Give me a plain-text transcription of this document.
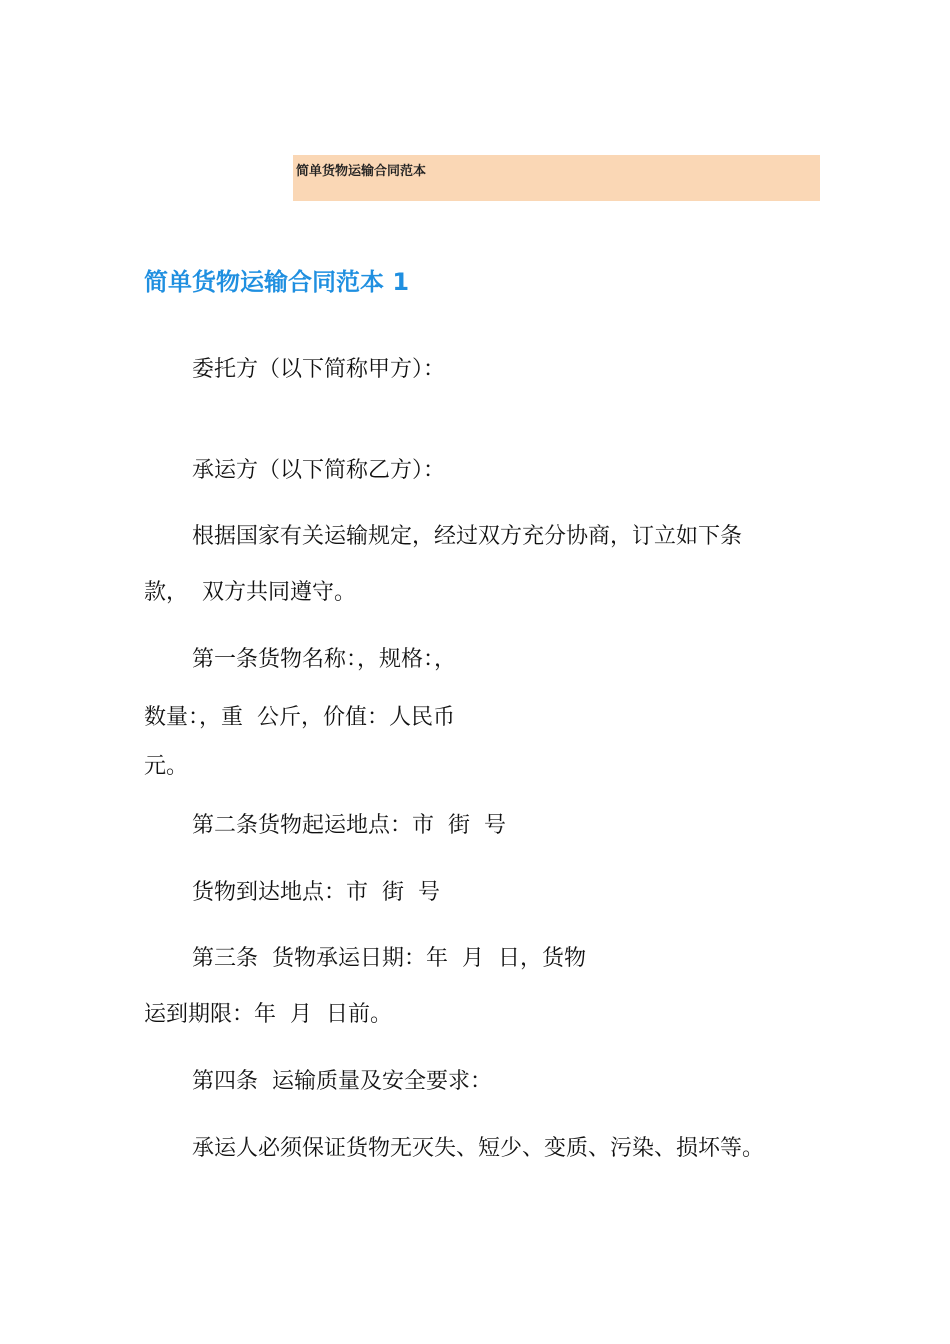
简单货物运输合同范本
简单货物运输合同范本 1
委托方（以下简称甲方）：
承运方（以下简称乙方）：
根据国家有关运输规定，经过双方充分协商，订立如下条
款，  双方共同遵守。
第一条货物名称：，规格：，
数量：，重  公斤，价值：人民币
元。
第二条货物起运地点：市  街  号
货物到达地点：市  街  号
第三条  货物承运日期：年  月  日，货物
运到期限：年  月  日前。
第四条  运输质量及安全要求：
承运人必须保证货物无灭失、短少、变质、污染、损坏等。
